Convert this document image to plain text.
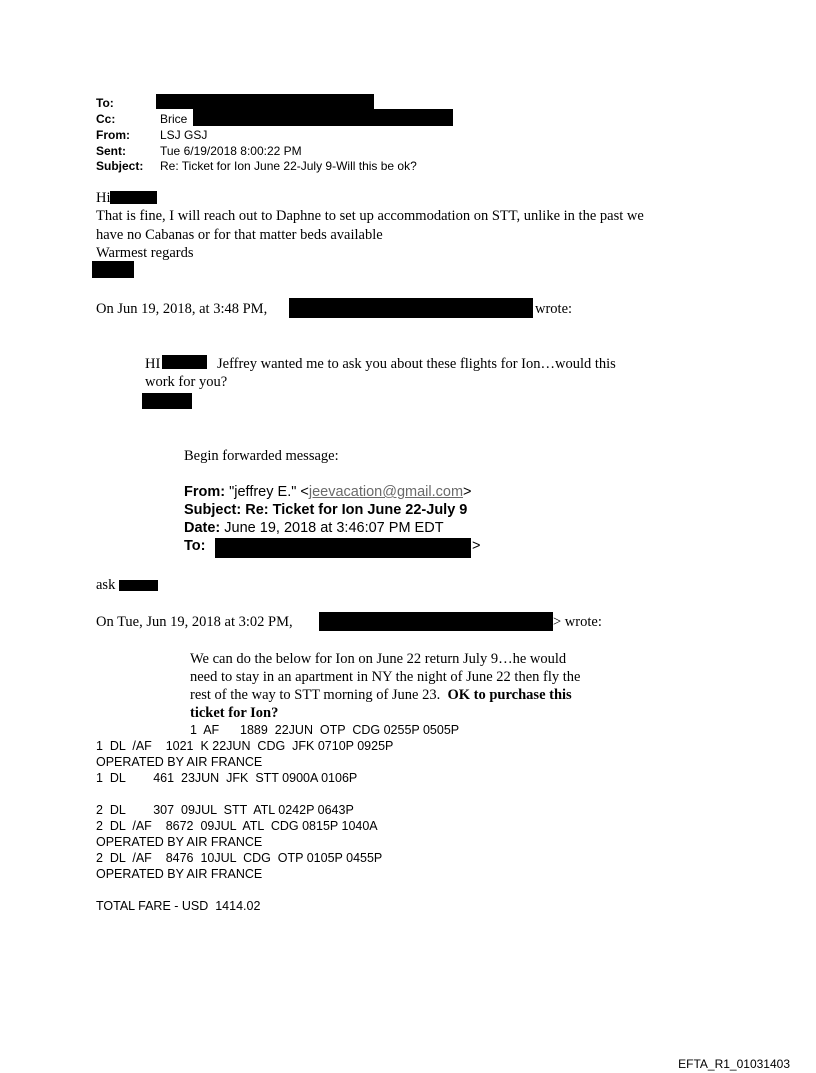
To:
Cc:	Brice
From:	LSJ GSJ
Sent:	Tue 6/19/2018 8:00:22 PM
Subject: Re: Ticket for Ion June 22-July 9-Will this be ok?
Hi
That is fine, I will reach out to Daphne to set up accommodation on STT, unlike in the past we
have no Cabanas or for that matter beds available
Warmest regards
On Jun 19, 2018, at 3:48 PM,	wrote:
HI	Jeffrey wanted me to ask you about these flights for Ion…would this
work for you?
Begin forwarded message:
From: "jeffrey E." <jeevacation@gmail.com>
Subject: Re: Ticket for Ion June 22-July 9
Date: June 19, 2018 at 3:46:07 PM EDT
To:	>
ask
On Tue, Jun 19, 2018 at 3:02 PM,	> wrote:
We can do the below for Ion on June 22 return July 9…he would
need to stay in an apartment in NY the night of June 22 then fly the
rest of the way to STT morning of June 23.  OK to purchase this
ticket for Ion?
1  AF      1889  22JUN  OTP  CDG 0255P 0505P
1  DL  /AF    1021  K 22JUN  CDG  JFK 0710P 0925P
OPERATED BY AIR FRANCE
1  DL        461  23JUN  JFK  STT 0900A 0106P
2  DL        307  09JUL  STT  ATL 0242P 0643P
2  DL  /AF    8672  09JUL  ATL  CDG 0815P 1040A
OPERATED BY AIR FRANCE
2  DL  /AF    8476  10JUL  CDG  OTP 0105P 0455P
OPERATED BY AIR FRANCE
TOTAL FARE - USD  1414.02
EFTA_R1_01031403
